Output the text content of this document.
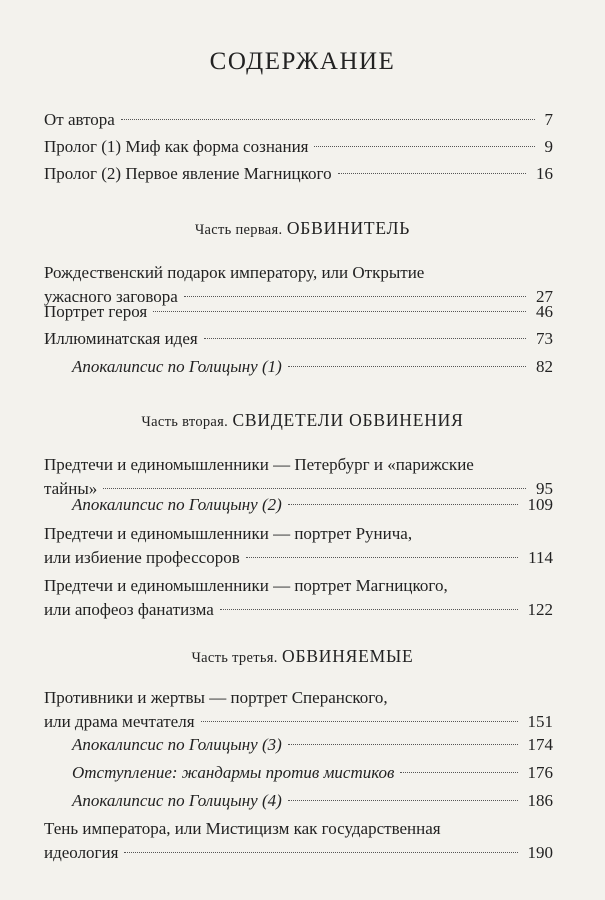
СОДЕРЖАНИЕ
От автора	7
Пролог (1) Миф как форма сознания	9
Пролог (2) Первое явление Магницкого	16
Часть первая. ОБВИНИТЕЛЬ
Рождественский подарок императору, или Открытие
ужасного заговора	27
Портрет героя	46
Иллюминатская идея	73
Апокалипсис по Голицыну (1)	82
Часть вторая. СВИДЕТЕЛИ ОБВИНЕНИЯ
Предтечи и единомышленники — Петербург и «парижские
тайны»	95
Апокалипсис по Голицыну (2)	109
Предтечи и единомышленники — портрет Рунича,
или избиение профессоров	114
Предтечи и единомышленники — портрет Магницкого,
или апофеоз фанатизма	122
Часть третья. ОБВИНЯЕМЫЕ
Противники и жертвы — портрет Сперанского,
или драма мечтателя	151
Апокалипсис по Голицыну (3)	174
Отступление: жандармы против мистиков	176
Апокалипсис по Голицыну (4)	186
Тень императора, или Мистицизм как государственная
идеология	190
